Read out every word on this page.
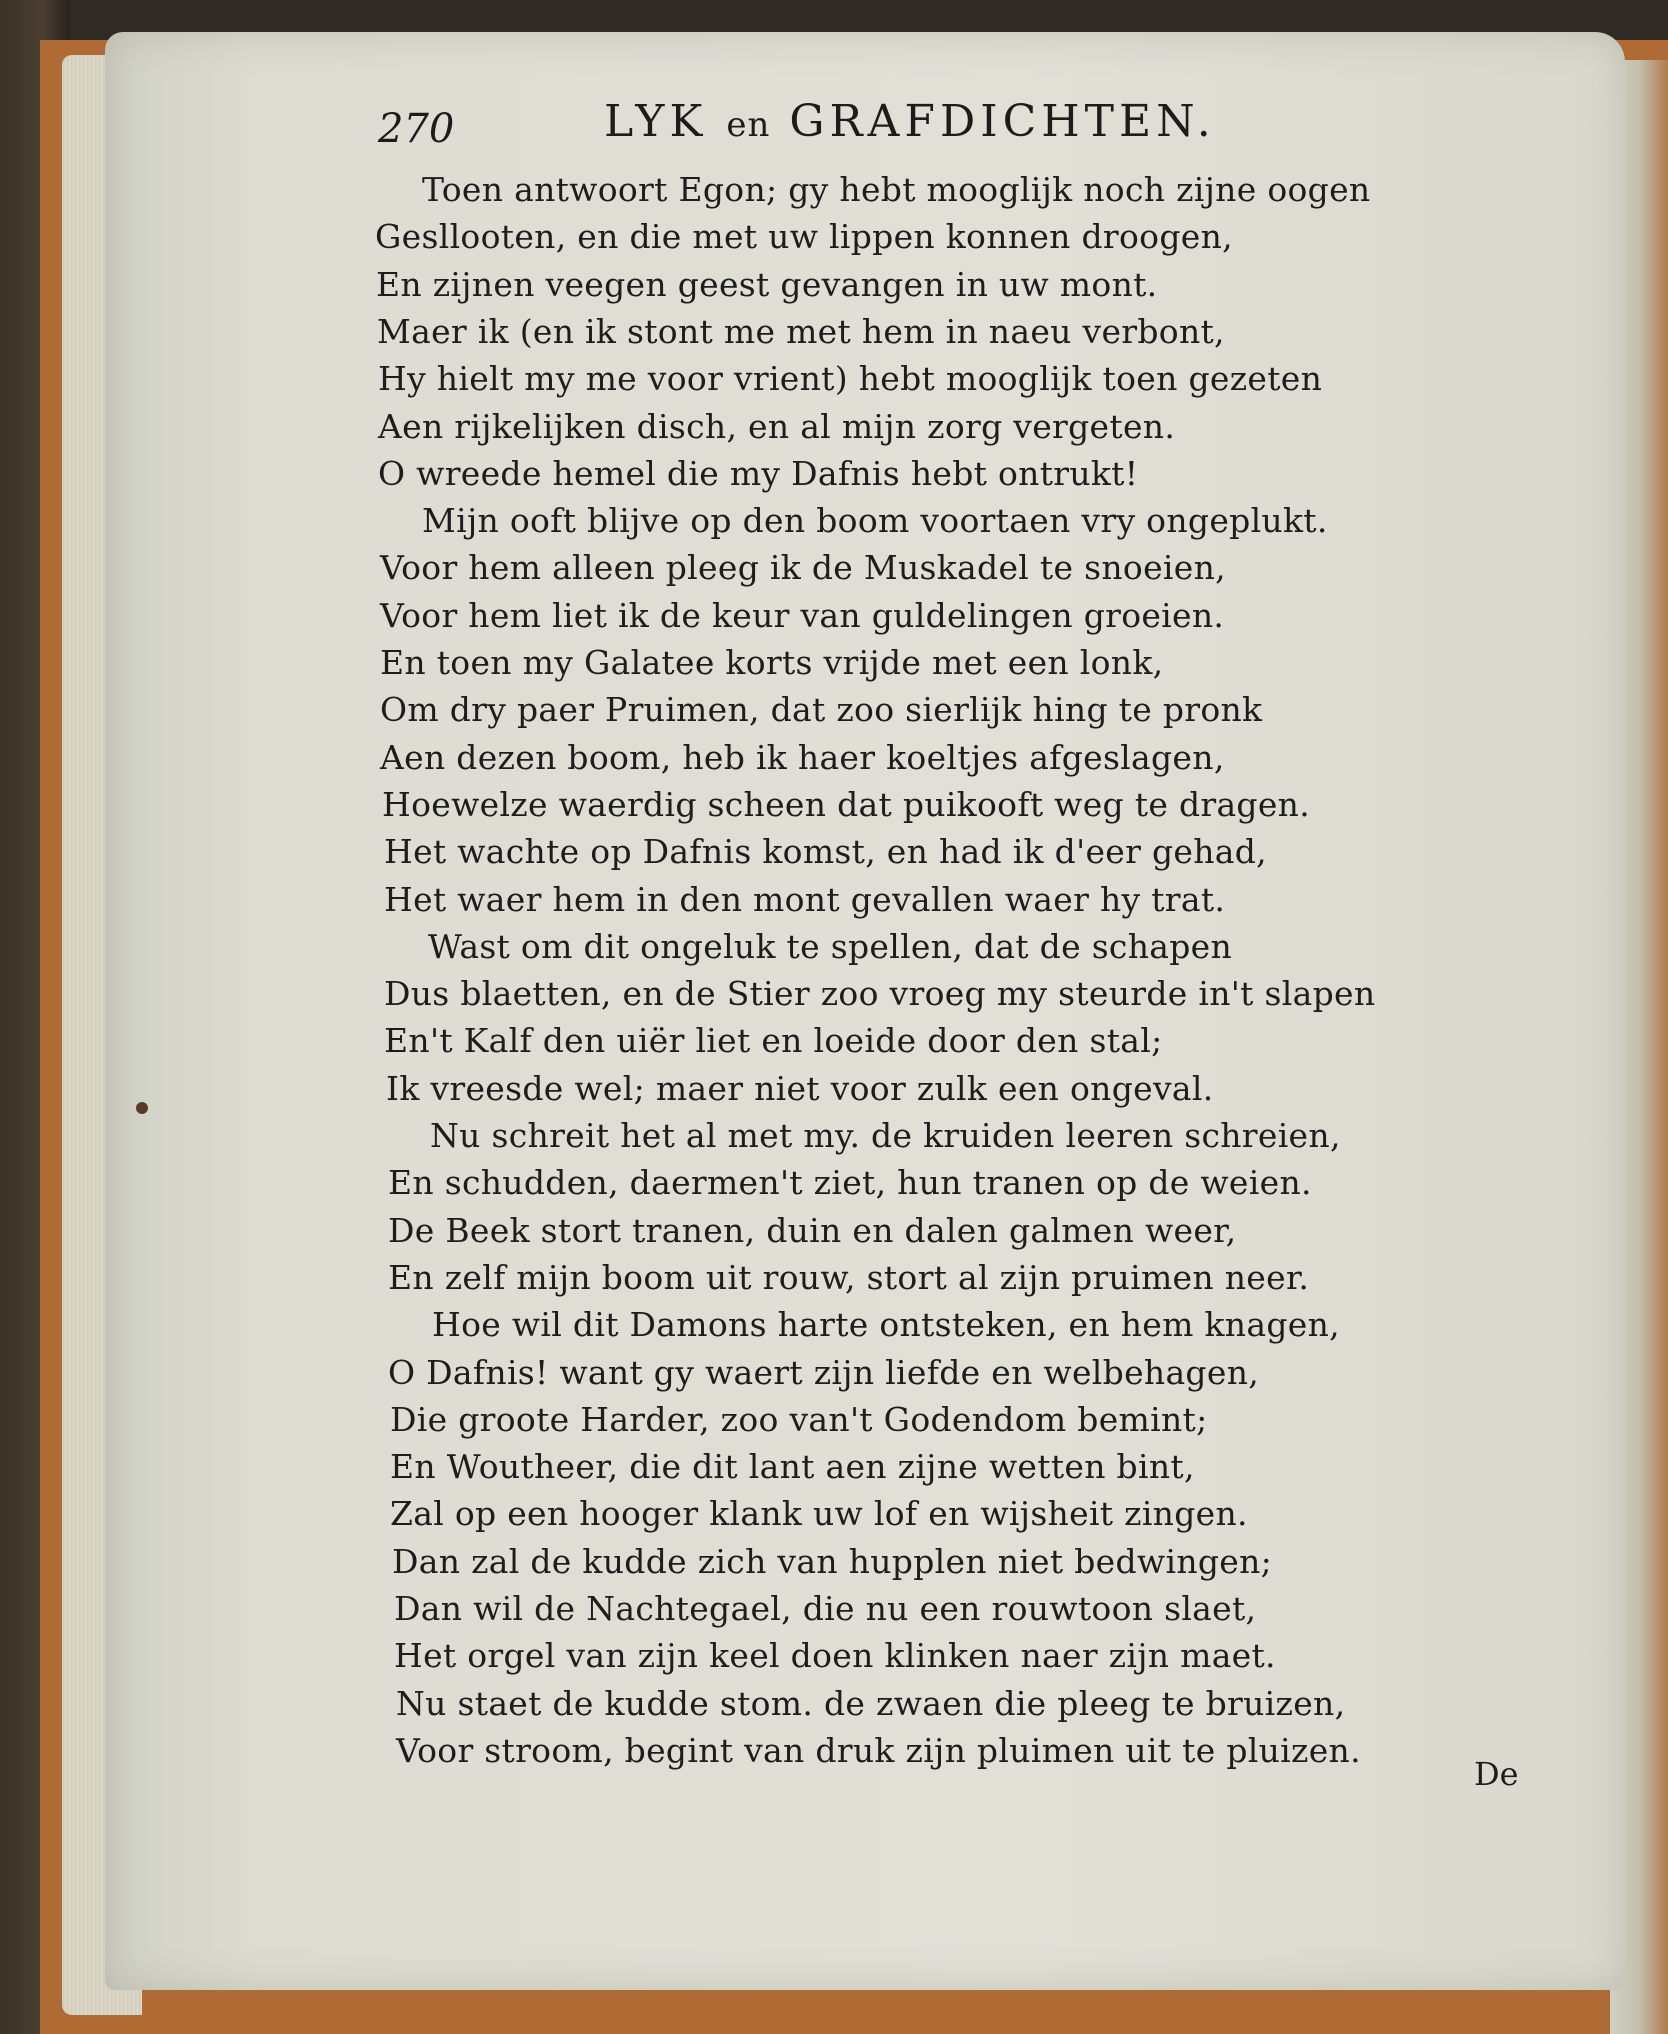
270	LYK en GRAFDICHTEN.
Toen antwoort Egon; gy hebt mooglijk noch zijne oogen
Gesllooten, en die met uw lippen konnen droogen,
En zijnen veegen geest gevangen in uw mont.
Maer ik (en ik stont me met hem in naeu verbont,
Hy hielt my me voor vrient) hebt mooglijk toen gezeten
Aen rijkelijken disch, en al mijn zorg vergeten.
O wreede hemel die my Dafnis hebt ontrukt!
Mijn ooft blijve op den boom voortaen vry ongeplukt.
Voor hem alleen pleeg ik de Muskadel te snoeien,
Voor hem liet ik de keur van guldelingen groeien.
En toen my Galatee korts vrijde met een lonk,
Om dry paer Pruimen, dat zoo sierlijk hing te pronk
Aen dezen boom, heb ik haer koeltjes afgeslagen,
Hoewelze waerdig scheen dat puikooft weg te dragen.
Het wachte op Dafnis komst, en had ik d'eer gehad,
Het waer hem in den mont gevallen waer hy trat.
Wast om dit ongeluk te spellen, dat de schapen
Dus blaetten, en de Stier zoo vroeg my steurde in't slapen
En't Kalf den uiër liet en loeide door den stal;
Ik vreesde wel; maer niet voor zulk een ongeval.
Nu schreit het al met my. de kruiden leeren schreien,
En schudden, daermen't ziet, hun tranen op de weien.
De Beek stort tranen, duin en dalen galmen weer,
En zelf mijn boom uit rouw, stort al zijn pruimen neer.
Hoe wil dit Damons harte ontsteken, en hem knagen,
O Dafnis! want gy waert zijn liefde en welbehagen,
Die groote Harder, zoo van't Godendom bemint;
En Woutheer, die dit lant aen zijne wetten bint,
Zal op een hooger klank uw lof en wijsheit zingen.
Dan zal de kudde zich van hupplen niet bedwingen;
Dan wil de Nachtegael, die nu een rouwtoon slaet,
Het orgel van zijn keel doen klinken naer zijn maet.
Nu staet de kudde stom. de zwaen die pleeg te bruizen,
Voor stroom, begint van druk zijn pluimen uit te pluizen.
De
